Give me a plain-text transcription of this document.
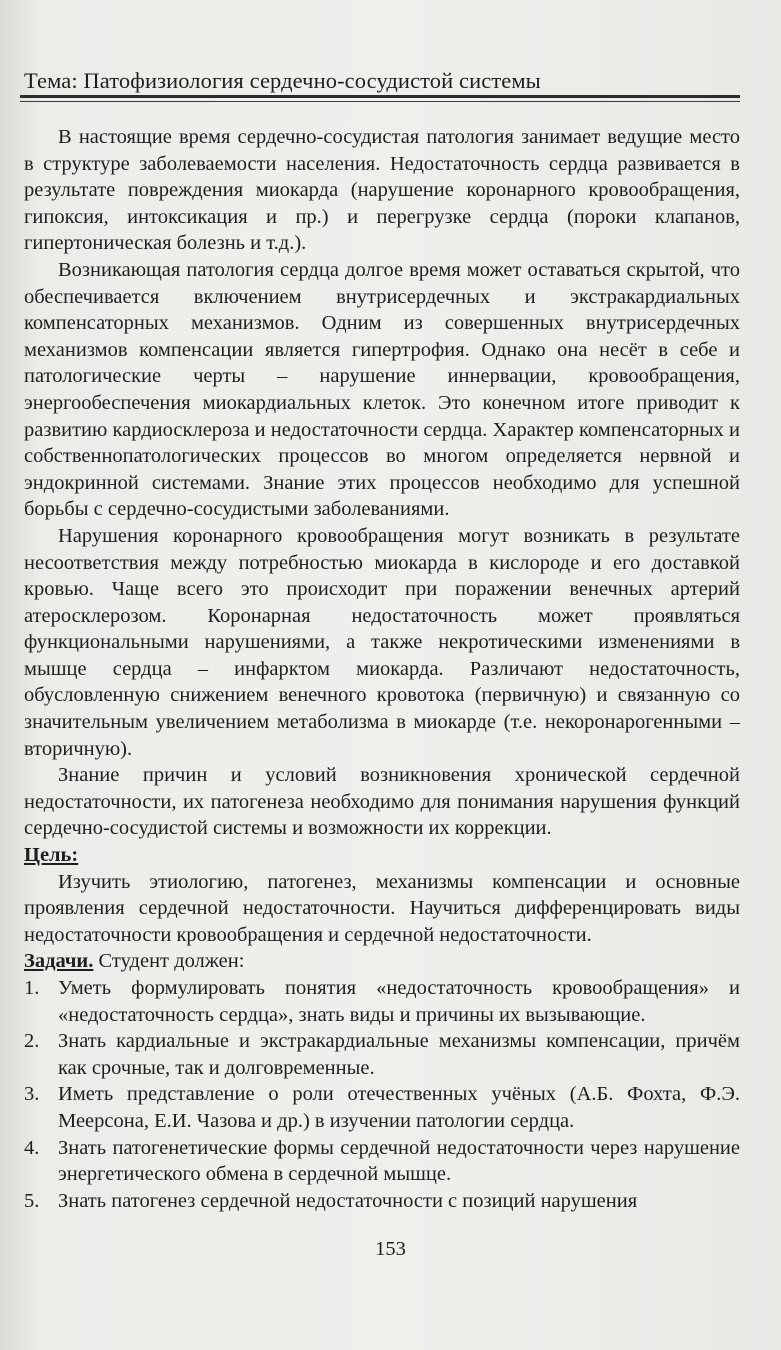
Тема: Патофизиология сердечно-сосудистой системы

В настоящие время сердечно-сосудистая патология занимает ведущие место в структуре заболеваемости населения. Недостаточность сердца развивается в результате повреждения миокарда (нарушение коронарного кровообращения, гипоксия, интоксикация и пр.) и перегрузке сердца (пороки клапанов, гипертоническая болезнь и т.д.).

Возникающая патология сердца долгое время может оставаться скрытой, что обеспечивается включением внутрисердечных и экстракардиальных компенсаторных механизмов. Одним из совершенных внутрисердечных механизмов компенсации является гипертрофия. Однако она несёт в себе и патологические черты – нарушение иннервации, кровообращения, энергообеспечения миокардиальных клеток. Это конечном итоге приводит к развитию кардиосклероза и недостаточности сердца. Характер компенсаторных и собственнопатологических процессов во многом определяется нервной и эндокринной системами. Знание этих процессов необходимо для успешной борьбы с сердечно-сосудистыми заболеваниями.

Нарушения коронарного кровообращения могут возникать в результате несоответствия между потребностью миокарда в кислороде и его доставкой кровью. Чаще всего это происходит при поражении венечных артерий атеросклерозом. Коронарная недостаточность может проявляться функциональными нарушениями, а также некротическими изменениями в мышце сердца – инфарктом миокарда. Различают недостаточность, обусловленную снижением венечного кровотока (первичную) и связанную со значительным увеличением метаболизма в миокарде (т.е. некоронарогенными – вторичную).

Знание причин и условий возникновения хронической сердечной недостаточности, их патогенеза необходимо для понимания нарушения функций сердечно-сосудистой системы и возможности их коррекции.

Цель:

Изучить этиологию, патогенез, механизмы компенсации и основные проявления сердечной недостаточности. Научиться дифференцировать виды недостаточности кровообращения и сердечной недостаточности.

Задачи. Студент должен:

1. Уметь формулировать понятия «недостаточность кровообращения» и «недостаточность сердца», знать виды и причины их вызывающие.
2. Знать кардиальные и экстракардиальные механизмы компенсации, причём как срочные, так и долговременные.
3. Иметь представление о роли отечественных учёных (А.Б. Фохта, Ф.Э. Меерсона, Е.И. Чазова и др.) в изучении патологии сердца.
4. Знать патогенетические формы сердечной недостаточности через нарушение энергетического обмена в сердечной мышце.
5. Знать патогенез сердечной недостаточности с позиций нарушения
153
